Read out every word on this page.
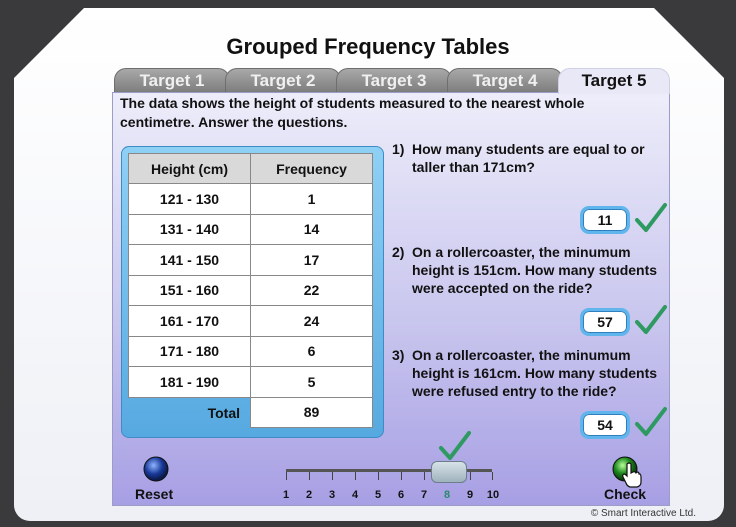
Grouped Frequency Tables
Target 1	Target 2	Target 3	Target 4	Target 5
The data shows the height of students measured to the nearest whole centimetre. Answer the questions.
Height (cm)	Frequency
121 - 130	1
131 - 140	14
141 - 150	17
151 - 160	22
161 - 170	24
171 - 180	6
181 - 190	5
Total	89
1) How many students are equal to or taller than 171cm?
11
2) On a rollercoaster, the minumum height is 151cm. How many students were accepted on the ride?
57
3) On a rollercoaster, the minumum height is 161cm. How many students were refused entry to the ride?
54
Reset	1	2	3	4	5	6	7	8	9	10	Check
© Smart Interactive Ltd.
